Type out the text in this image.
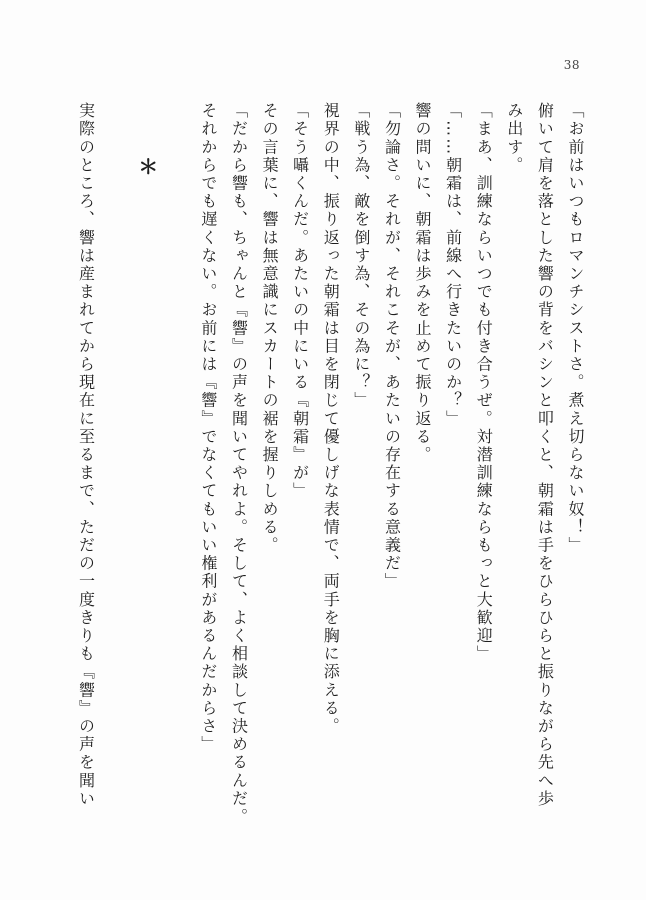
38
「お前はいつもロマンチシストさ。煮え切らない奴！」
俯いて肩を落とした響の背をバシンと叩くと、朝霜は手をひらひらと振りながら先へ歩
み出す。
「まあ、訓練ならいつでも付き合うぜ。対潜訓練ならもっと大歓迎」
「……朝霜は、前線へ行きたいのか？」
響の問いに、朝霜は歩みを止めて振り返る。
「勿論さ。それが、それこそが、あたいの存在する意義だ」
「戦う為、敵を倒す為、その為に？」
視界の中、振り返った朝霜は目を閉じて優しげな表情で、両手を胸に添える。
「そう囁くんだ。あたいの中にいる『朝霜』が」
その言葉に、響は無意識にスカートの裾を握りしめる。
「だから響も、ちゃんと『響』の声を聞いてやれよ。そして、よく相談して決めるんだ。
それからでも遅くない。お前には『響』でなくてもいい権利があるんだからさ」

＊

実際のところ、響は産まれてから現在に至るまで、ただの一度きりも『響』の声を聞い
